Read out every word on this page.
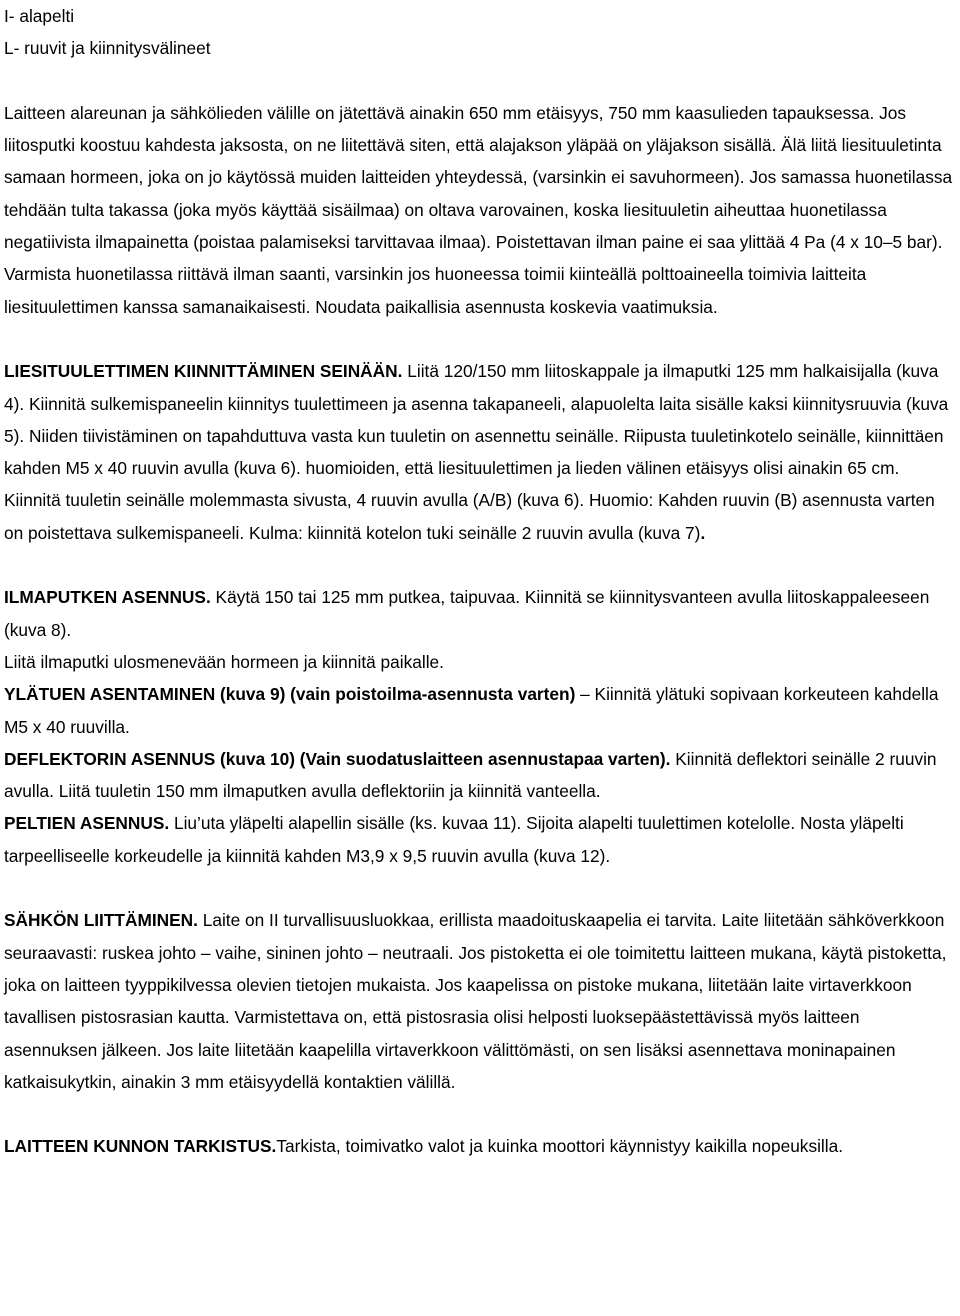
I- alapelti

L- ruuvit ja kiinnitysvälineet

Laitteen alareunan ja sähkölieden välille on jätettävä ainakin 650 mm etäisyys, 750 mm kaasulieden tapauksessa. Jos liitosputki koostuu kahdesta jaksosta, on ne liitettävä siten, että alajakson yläpää on yläjakson sisällä. Älä liitä liesituuletinta samaan hormeen, joka on jo käytössä muiden laitteiden yhteydessä, (varsinkin ei savuhormeen). Jos samassa huonetilassa tehdään tulta takassa (joka myös käyttää sisäilmaa) on oltava varovainen, koska liesituuletin aiheuttaa huonetilassa negatiivista ilmapainetta (poistaa palamiseksi tarvittavaa ilmaa). Poistettavan ilman paine ei saa ylittää 4 Pa (4 x 10–5 bar). Varmista huonetilassa riittävä ilman saanti, varsinkin jos huoneessa toimii kiinteällä polttoaineella toimivia laitteita liesituulettimen kanssa samanaikaisesti. Noudata paikallisia asennusta koskevia vaatimuksia.

LIESITUULETTIMEN KIINNITTÄMINEN SEINÄÄN. Liitä 120/150 mm liitoskappale ja ilmaputki 125 mm halkaisijalla (kuva 4). Kiinnitä sulkemispaneelin kiinnitys tuulettimeen ja asenna takapaneeli, alapuolelta laita sisälle kaksi kiinnitysruuvia (kuva 5). Niiden tiivistäminen on tapahduttuva vasta kun tuuletin on asennettu seinälle. Riipusta tuuletinkotelo seinälle, kiinnittäen kahden M5 x 40 ruuvin avulla (kuva 6). huomioiden, että liesituulettimen ja lieden välinen etäisyys olisi ainakin 65 cm. Kiinnitä tuuletin seinälle molemmasta sivusta, 4 ruuvin avulla (A/B) (kuva 6). Huomio: Kahden ruuvin (B) asennusta varten on poistettava sulkemispaneeli. Kulma: kiinnitä kotelon tuki seinälle 2 ruuvin avulla (kuva 7).

ILMAPUTKEN ASENNUS. Käytä 150 tai 125 mm putkea, taipuvaa. Kiinnitä se kiinnitysvanteen avulla liitoskappaleeseen (kuva 8).

Liitä ilmaputki ulosmenevään hormeen ja kiinnitä paikalle.

YLÄTUEN ASENTAMINEN (kuva 9) (vain poistoilma-asennusta varten) – Kiinnitä ylätuki sopivaan korkeuteen kahdella M5 x 40 ruuvilla.

DEFLEKTORIN ASENNUS (kuva 10) (Vain suodatuslaitteen asennustapaa varten). Kiinnitä deflektori seinälle 2 ruuvin avulla. Liitä tuuletin 150 mm ilmaputken avulla deflektoriin ja kiinnitä vanteella.

PELTIEN ASENNUS. Liu’uta yläpelti alapellin sisälle (ks. kuvaa 11). Sijoita alapelti tuulettimen kotelolle. Nosta yläpelti tarpeelliseelle korkeudelle ja kiinnitä kahden M3,9 x 9,5 ruuvin avulla (kuva 12).

SÄHKÖN LIITTÄMINEN. Laite on II turvallisuusluokkaa, erillista maadoituskaapelia ei tarvita. Laite liitetään sähköverkkoon seuraavasti: ruskea johto – vaihe, sininen johto – neutraali. Jos pistoketta ei ole toimitettu laitteen mukana, käytä pistoketta, joka on laitteen tyyppikilvessa olevien tietojen mukaista. Jos kaapelissa on pistoke mukana, liitetään laite virtaverkkoon tavallisen pistosrasian kautta. Varmistettava on, että pistosrasia olisi helposti luoksepäästettävissä myös laitteen asennuksen jälkeen. Jos laite liitetään kaapelilla virtaverkkoon välittömästi, on sen lisäksi asennettava moninapainen katkaisukytkin, ainakin 3 mm etäisyydellä kontaktien välillä.

LAITTEEN KUNNON TARKISTUS.Tarkista, toimivatko valot ja kuinka moottori käynnistyy kaikilla nopeuksilla.
